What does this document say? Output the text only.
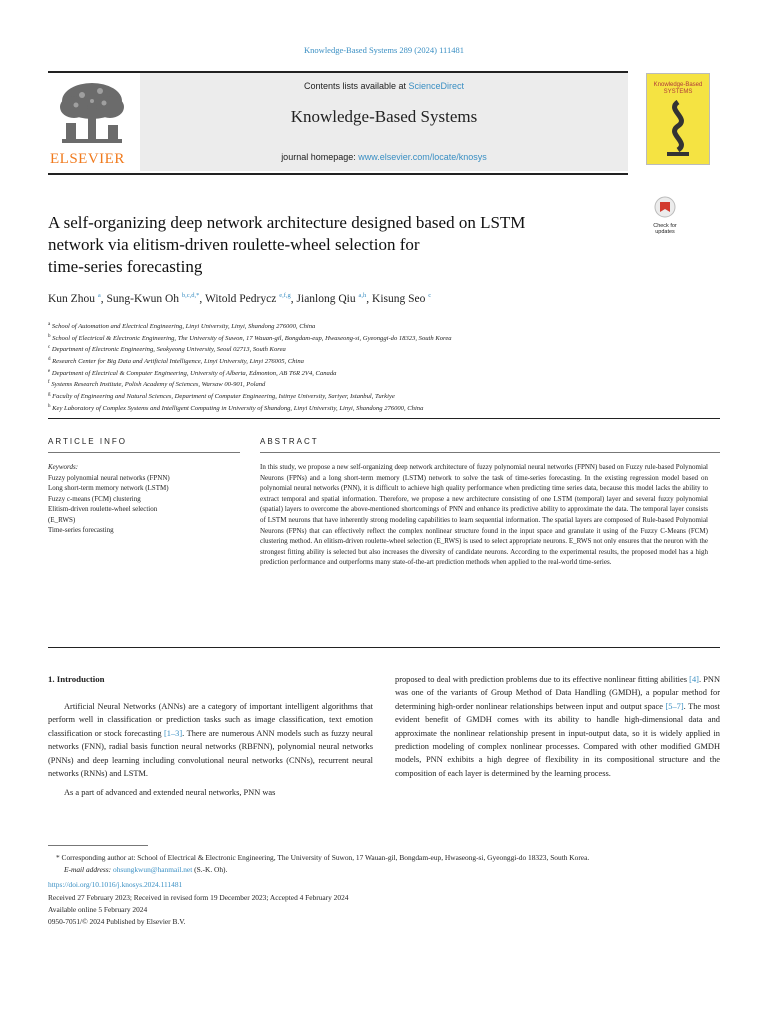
Knowledge-Based Systems 289 (2024) 111481
ELSEVIER
Contents lists available at ScienceDirect
Knowledge-Based Systems
journal homepage: www.elsevier.com/locate/knosys
Knowledge-Based
SYSTEMS
A self-organizing deep network architecture designed based on LSTM
network via elitism-driven roulette-wheel selection for
time-series forecasting
Check for updates
Kun Zhou $^a$, Sung-Kwun Oh $^{b,c,d,*}$, Witold Pedrycz $^{e,f,g}$, Jianlong Qiu $^{a,h}$, Kisung Seo $^c$
$^a$ School of Automation and Electrical Engineering, Linyi University, Linyi, Shandong 276000, China
$^b$ School of Electrical & Electronic Engineering, The University of Suwon, 17 Wauan-gil, Bongdam-eup, Hwaseong-si, Gyeonggi-do 18323, South Korea
$^c$ Department of Electronic Engineering, Seokyeong University, Seoul 02713, South Korea
$^d$ Research Center for Big Data and Artificial Intelligence, Linyi University, Linyi 276005, China
$^e$ Department of Electrical & Computer Engineering, University of Alberta, Edmonton, AB T6R 2V4, Canada
$^f$ Systems Research Institute, Polish Academy of Sciences, Warsaw 00-901, Poland
$^g$ Faculty of Engineering and Natural Sciences, Department of Computer Engineering, Istinye University, Sariyer, Istanbul, Turkiye
$^h$ Key Laboratory of Complex Systems and Intelligent Computing in University of Shandong, Linyi University, Linyi, Shandong 276000, China
ARTICLE INFO	ABSTRACT
Keywords:
Fuzzy polynomial neural networks (FPNN)
Long short-term memory network (LSTM)
Fuzzy c-means (FCM) clustering
Elitism-driven roulette-wheel selection
(E_RWS)
Time-series forecasting
In this study, we propose a new self-organizing deep network architecture of fuzzy polynomial neural networks (FPNN) based on Fuzzy rule-based Polynomial Neurons (FPNs) and a long short-term memory (LSTM) network to solve the task of time-series forecasting. In the existing regression model based on polynomial neural networks (PNN), it is difficult to achieve high quality performance when predicting time series data, because this model lacks the ability to extract temporal and spatial information. Therefore, we propose a new architecture consisting of one LSTM (temporal) layer and several fuzzy polynomial (spatial) layers to overcome the above-mentioned shortcomings of PNN and enhance its predictive ability to approximate the data. The temporal layer consists of LSTM neurons that have inherently strong modeling capabilities to learn sequential information. The spatial layers are composed of Rule-based Polynomial Neurons (FPNs) that can effectively reflect the complex nonlinear structure found in the input space and granulate it using of the Fuzzy C-Means (FCM) clustering method. An elitism-driven roulette-wheel selection (E_RWS) is used to select appropriate neurons. E_RWS not only ensures that the neuron with the strongest fitting ability is selected but also increases the diversity of candidate neurons. According to the experimental results, the proposed model has a high prediction performance and outperforms many state-of-the-art prediction methods when applied to the real-world time-series.
1. Introduction

Artificial Neural Networks (ANNs) are a category of important intelligent algorithms that perform well in classification or prediction tasks such as image classification, text emotion classification or stock forecasting [1–3]. There are numerous ANN models such as fuzzy neural networks (FNN), radial basis function neural networks (RBFNN), polynomial neural networks (PNNs) and deep learning including convolutional neural networks (CNNs), recurrent neural networks (RNNs) and LSTM.

As a part of advanced and extended neural networks, PNN was

proposed to deal with prediction problems due to its effective nonlinear fitting abilities [4]. PNN was one of the variants of Group Method of Data Handling (GMDH), a popular method for determining high-order nonlinear relationships between input and output space [5–7]. The most evident benefit of GMDH comes with its ability to handle high-dimensional data and approximate the nonlinear relationship present in input-output data, so it is widely applied in prediction modeling of complex nonlinear processes. Compared with other modified GMDH models, PNN exhibits a high degree of flexibility in its compositional structure and the composition of each layer is determined by the learning process.

* Corresponding author at: School of Electrical & Electronic Engineering, The University of Suwon, 17 Wauan-gil, Bongdam-eup, Hwaseong-si, Gyeonggi-do 18323, South Korea.
E-mail address: ohsungkwun@hanmail.net (S.-K. Oh).
https://doi.org/10.1016/j.knosys.2024.111481
Received 27 February 2023; Received in revised form 19 December 2023; Accepted 4 February 2024
Available online 5 February 2024
0950-7051/© 2024 Published by Elsevier B.V.
